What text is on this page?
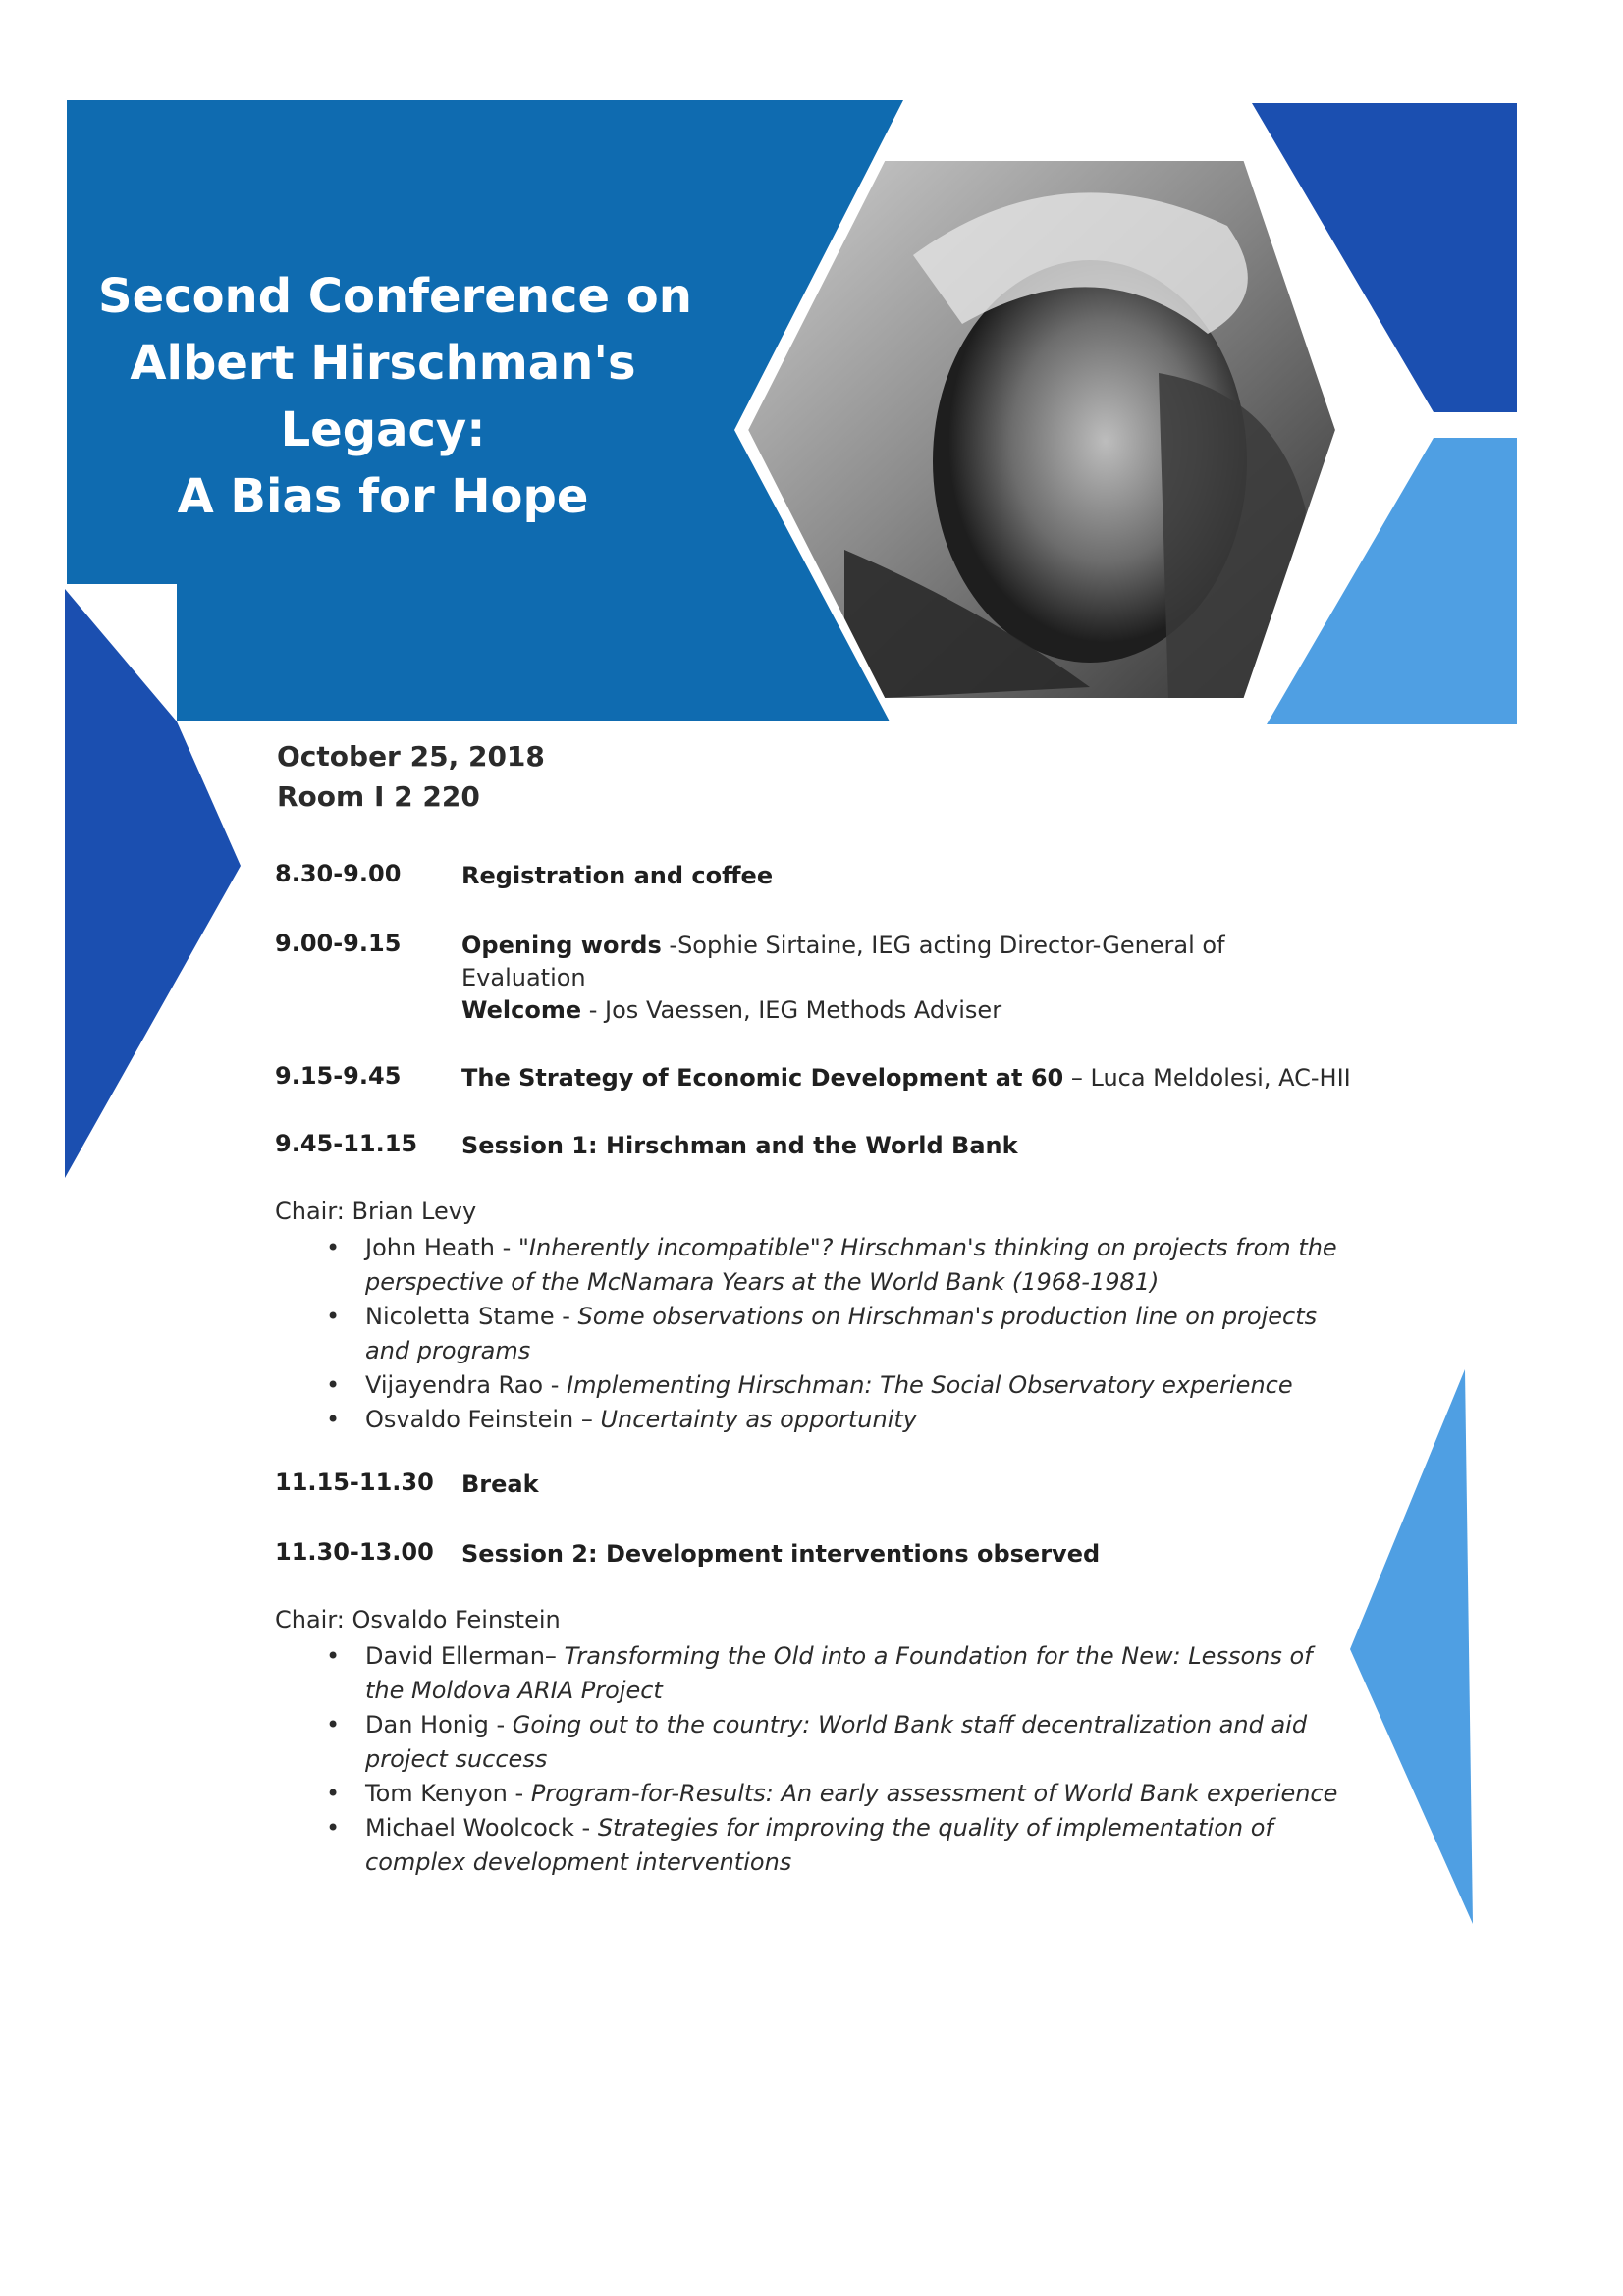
Second Conference on
Albert Hirschman's
Legacy:
A Bias for Hope
October 25, 2018
Room I 2 220
8.30-9.00	Registration and coffee
9.00-9.15	Opening words -Sophie Sirtaine, IEG acting Director-General of Evaluation
Welcome - Jos Vaessen, IEG Methods Adviser
9.15-9.45	The Strategy of Economic Development at 60 – Luca Meldolesi, AC-HII
9.45-11.15	Session 1: Hirschman and the World Bank
Chair: Brian Levy
• John Heath - "Inherently incompatible"? Hirschman's thinking on projects from the perspective of the McNamara Years at the World Bank (1968-1981)
• Nicoletta Stame - Some observations on Hirschman's production line on projects and programs
• Vijayendra Rao - Implementing Hirschman: The Social Observatory experience
• Osvaldo Feinstein – Uncertainty as opportunity
11.15-11.30	Break
11.30-13.00	Session 2: Development interventions observed
Chair: Osvaldo Feinstein
• David Ellerman– Transforming the Old into a Foundation for the New: Lessons of the Moldova ARIA Project
• Dan Honig - Going out to the country: World Bank staff decentralization and aid project success
• Tom Kenyon - Program-for-Results: An early assessment of World Bank experience
• Michael Woolcock - Strategies for improving the quality of implementation of complex development interventions
